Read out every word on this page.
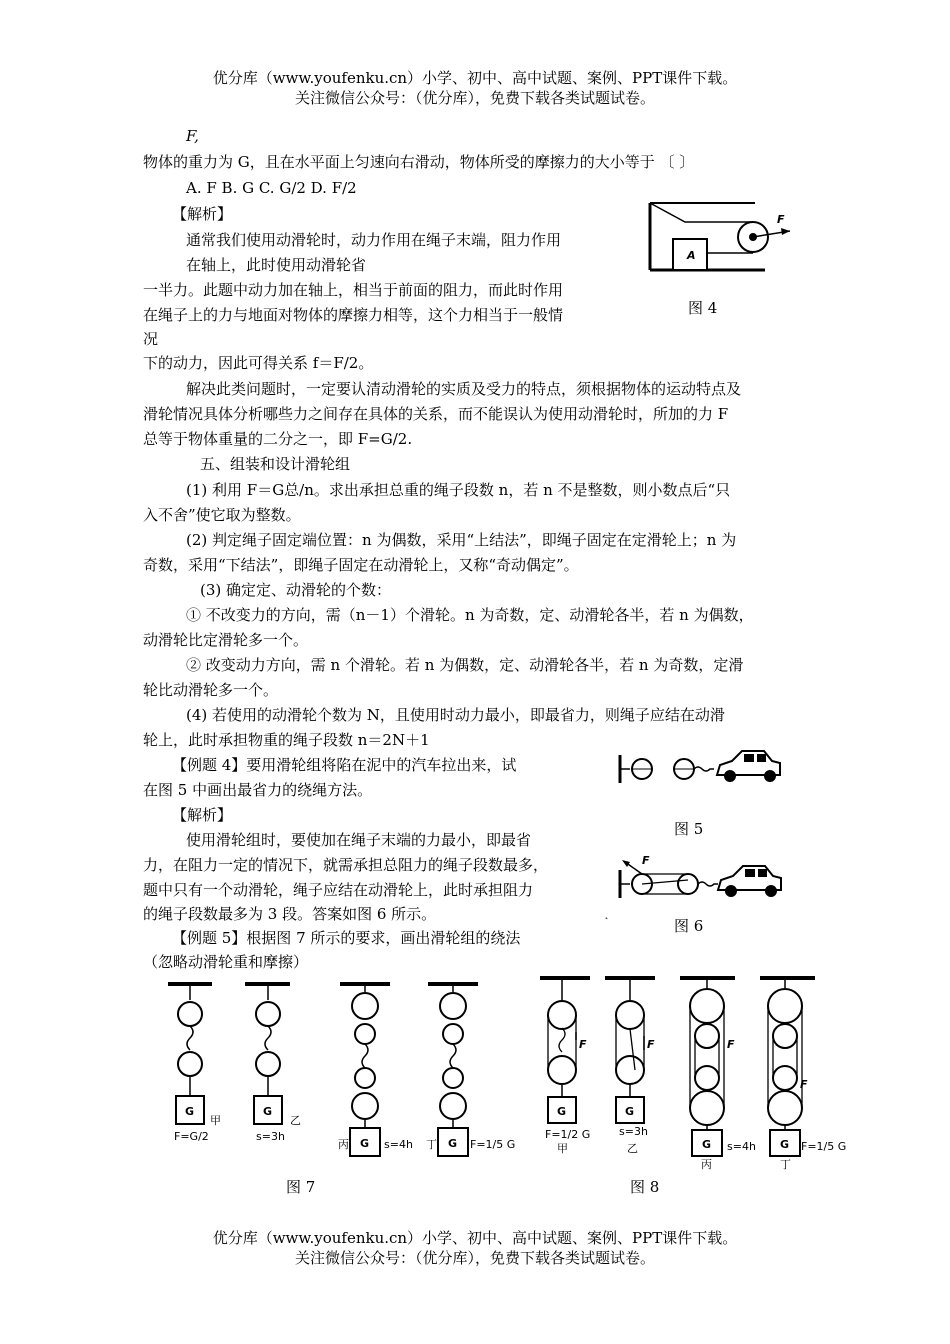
优分库（www.youfenku.cn）小学、初中、高中试题、案例、PPT课件下载。
关注微信公众号：（优分库），免费下载各类试题试卷。
F,
物体的重力为 G，且在水平面上匀速向右滑动，物体所受的摩擦力的大小等于 〔 〕
A. F B. G C. G/2 D. F/2
【解析】
通常我们使用动滑轮时，动力作用在绳子末端，阻力作用
在轴上，此时使用动滑轮省
一半力。此题中动力加在轴上，相当于前面的阻力，而此时作用
在绳子上的力与地面对物体的摩擦力相等，这个力相当于一般情
况
下的动力，因此可得关系 f＝F/2。
解决此类问题时，一定要认清动滑轮的实质及受力的特点，须根据物体的运动特点及
滑轮情况具体分析哪些力之间存在具体的关系，而不能误认为使用动滑轮时，所加的力 F
总等于物体重量的二分之一，即 F=G/2.
五、组装和设计滑轮组
(1) 利用 F＝G总/n。求出承担总重的绳子段数 n，若 n 不是整数，则小数点后“只
入不舍”使它取为整数。
(2) 判定绳子固定端位置：n 为偶数，采用“上结法”，即绳子固定在定滑轮上；n 为
奇数，采用“下结法”，即绳子固定在动滑轮上，又称“奇动偶定”。
(3) 确定定、动滑轮的个数：
① 不改变力的方向，需（n－1）个滑轮。n 为奇数，定、动滑轮各半，若 n 为偶数，
动滑轮比定滑轮多一个。
② 改变动力方向，需 n 个滑轮。若 n 为偶数，定、动滑轮各半，若 n 为奇数，定滑
轮比动滑轮多一个。
(4) 若使用的动滑轮个数为 N，且使用时动力最小，即最省力，则绳子应结在动滑
轮上，此时承担物重的绳子段数 n＝2N＋1
【例题 4】要用滑轮组将陷在泥中的汽车拉出来，试
在图 5 中画出最省力的绕绳方法。
【解析】
使用滑轮组时，要使加在绳子末端的力最小，即最省
力，在阻力一定的情况下，就需承担总阻力的绳子段数最多，
题中只有一个动滑轮，绳子应结在动滑轮上，此时承担阻力
的绳子段数最多为 3 段。答案如图 6 所示。
【例题 5】根据图 7 所示的要求，画出滑轮组的绕法
（忽略动滑轮重和摩擦）
A
F
图 4
图 5
F
˛
图 6
G
甲
F=G/2
G
乙
s=3h
G
丙	s=4h	G
丁	F=1/5 G
图 7
F
G
F=1/2 G
甲
F
G
s=3h
乙
F
G s=4h
丙
F
G F=1/5 G
丁
图 8
优分库（www.youfenku.cn）小学、初中、高中试题、案例、PPT课件下载。
关注微信公众号：（优分库），免费下载各类试题试卷。
